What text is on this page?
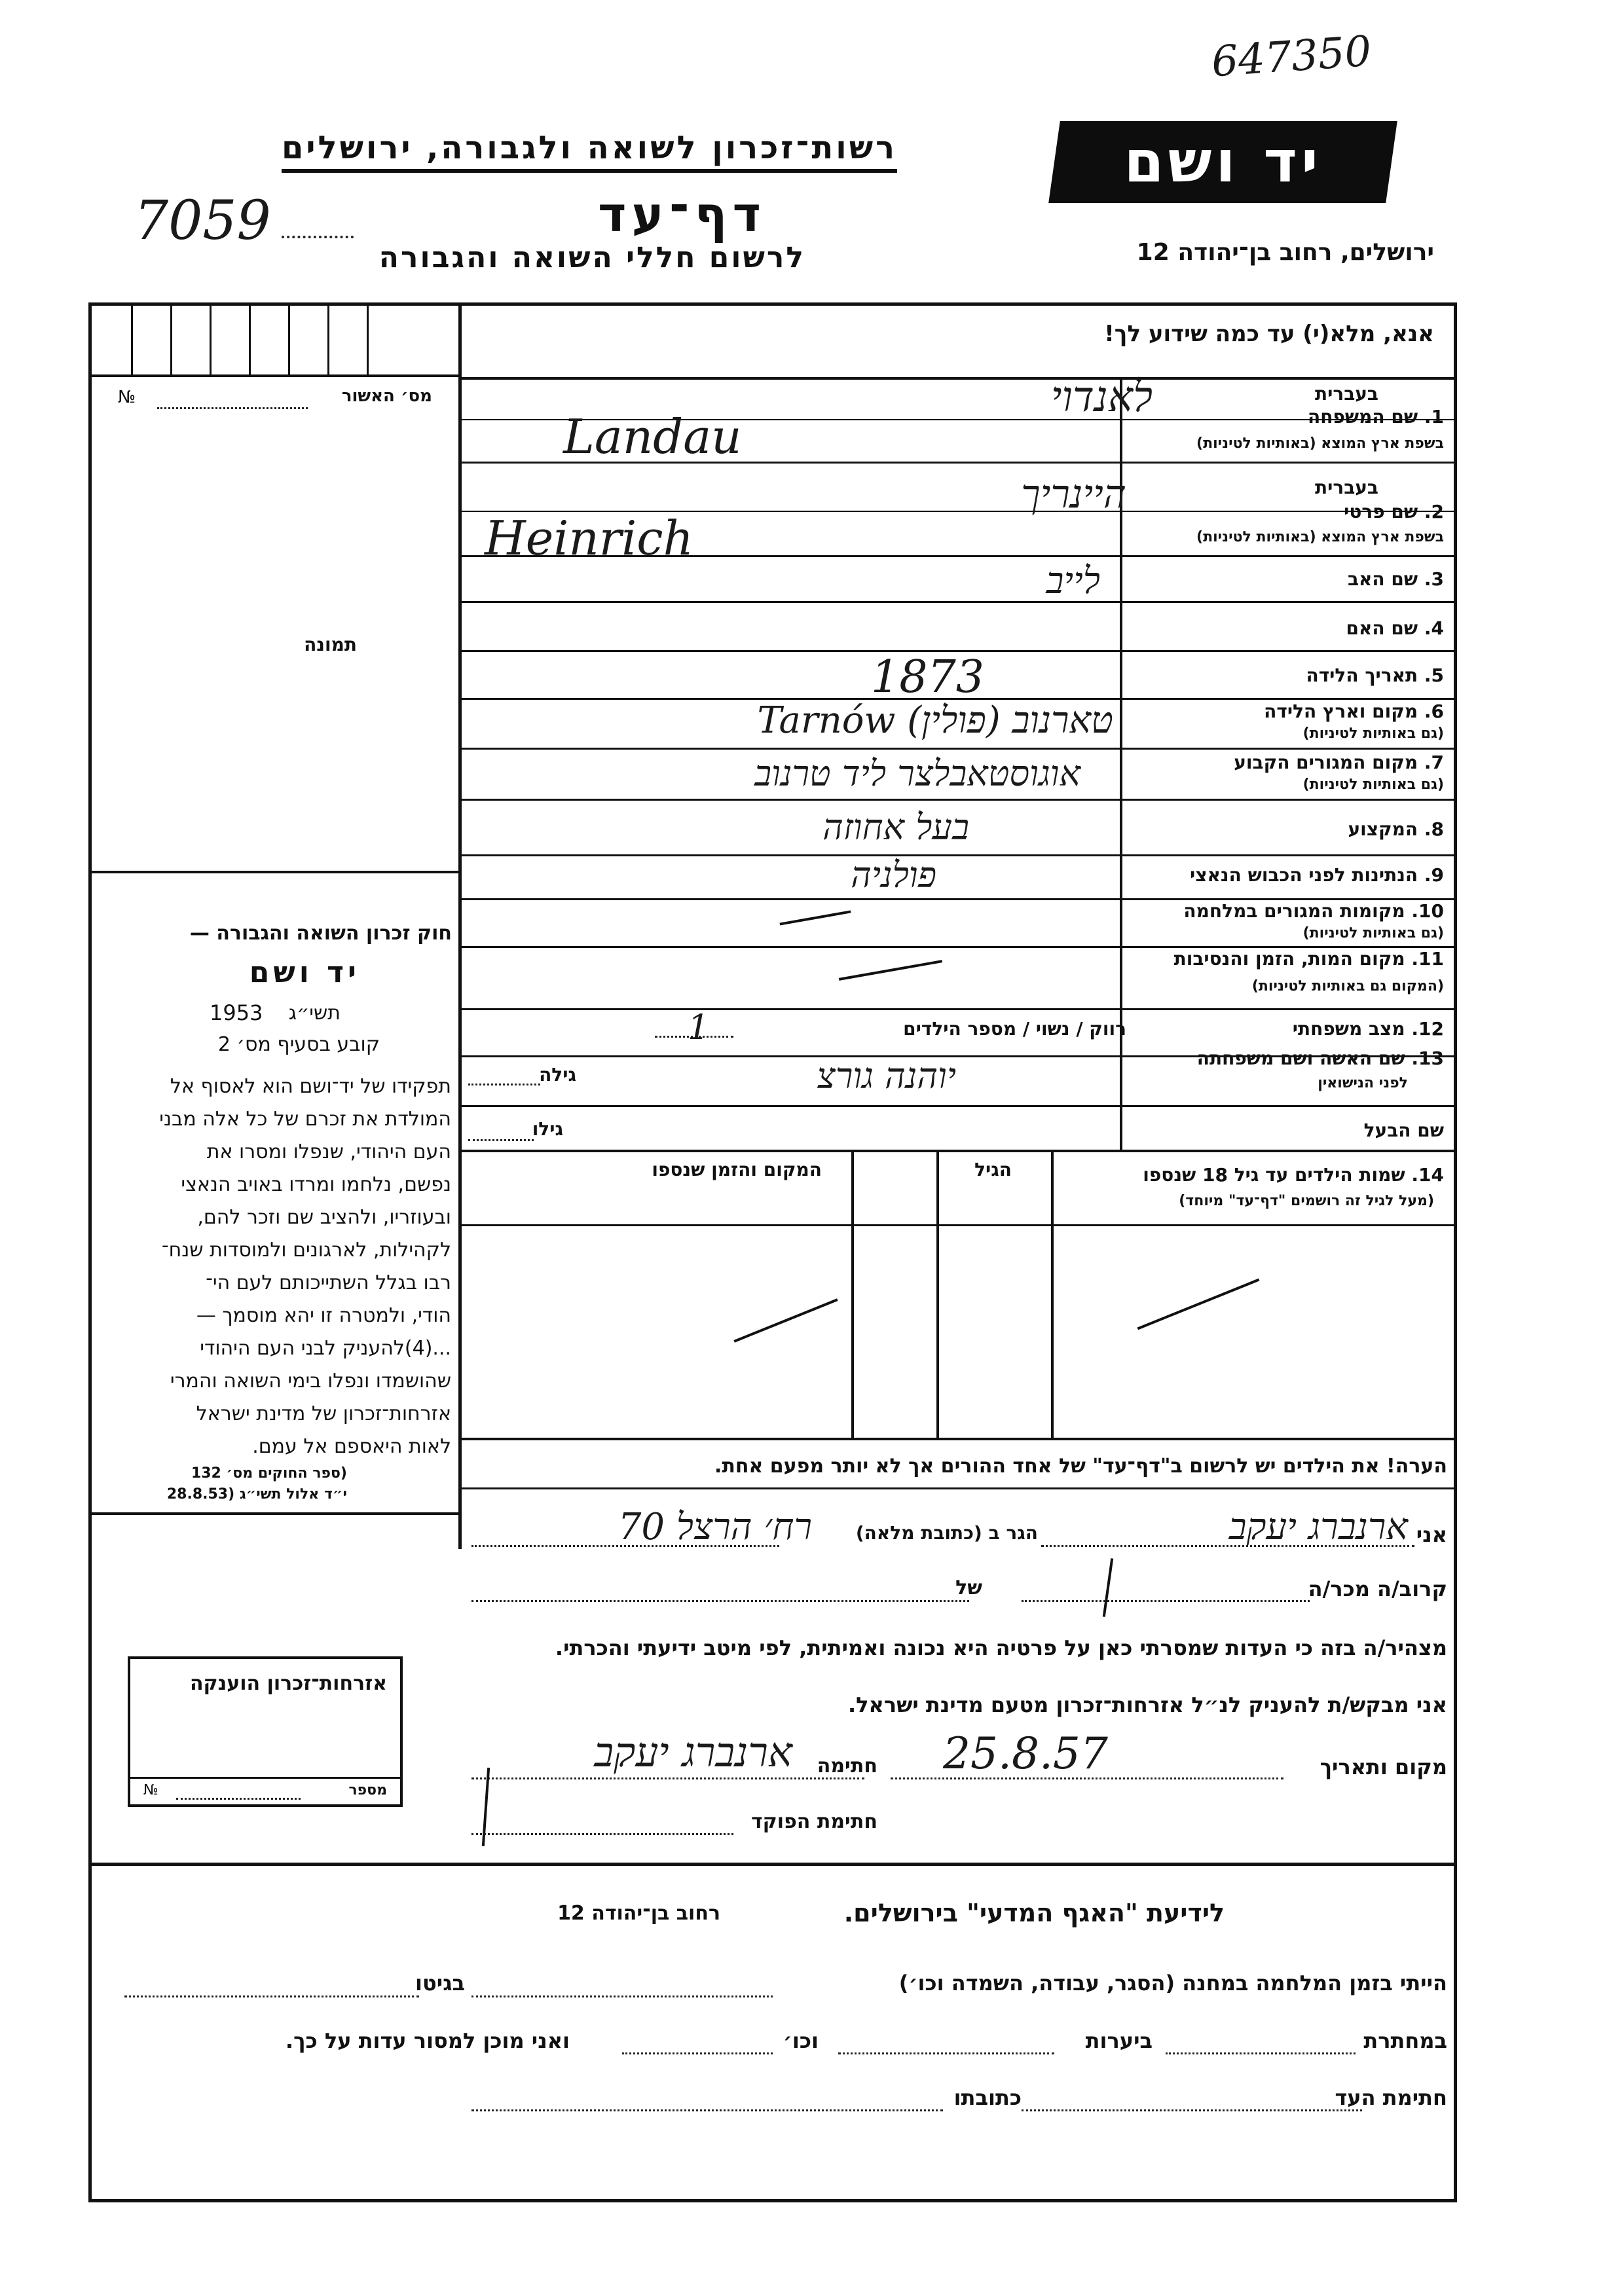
647350
רשות־זכרון לשואה ולגבורה, ירושלים
דף־עד
7059
לרשום חללי השואה והגבורה
יד ושם
ירושלים, רחוב בן־יהודה 12
אנא, מלא(י) עד כמה שידוע לך!
מס׳ האשור
№
תמונה
חוק זכרון השואה והגבורה —
יד ושם
תשי״ג
1953
קובע בסעיף מס׳ 2
תפקידו של יד־ושם הוא לאסוף אל
המולדת את זכרם של כל אלה מבני
העם היהודי, שנפלו ומסרו את
נפשם, נלחמו ומרדו באויב הנאצי
ובעוזריו, ולהציב שם וזכר להם,
לקהילות, לארגונים ולמוסדות שנח־
רבו בגלל השתייכותם לעם הי־
הודי, ולמטרה זו יהא מוסמך —
...(4)להעניק לבני העם היהודי
שהושמדו ונפלו בימי השואה והמרי
אזרחות־זכרון של מדינת ישראל
לאות היאספם אל עמם.
(ספר החוקים מס׳ 132
י״ד אלול תשי״ג (28.8.53
בעברית
1. שם המשפחה
בשפת ארץ המוצא (באותיות לטיניות)
לאנדוי
Landau
בעברית
2. שם פרטי
בשפת ארץ המוצא (באותיות לטיניות)
היינריך
Heinrich
3. שם האב
לייב
4. שם האם
5. תאריך הלידה
1873
6. מקום וארץ הלידה
(גם באותיות לטיניות)
טארנוב (פולין) Tarnów
7. מקום המגורים הקבוע
(גם באותיות לטיניות)
אוגוסטאבלצר ליד טרנוב
8. המקצוע
בעל אחוזה
9. הנתינות לפני הכבוש הנאצי
פולניה
10. מקומות המגורים במלחמה
(גם באותיות לטיניות)
11. מקום המות, הזמן והנסיבות
(המקום גם באותיות לטיניות)
12. מצב משפחתי
רווק / נשוי / מספר הילדים
1
13. שם האשה ושם משפחתה
לפני הנישואין
יוהנה גורצ
גילה
שם הבעל
גילו
14. שמות הילדים עד גיל 18 שנספו
(מעל לגיל זה רושמים "דף־עד" מיוחד)
הגיל
המקום והזמן שנספו
הערה! את הילדים יש לרשום ב"דף־עד" של אחד ההורים אך לא יותר מפעם אחת.
אני
ארנברג יעקב
הגר ב (כתובת מלאה)
רח׳ הרצל 70
קרוב/ה מכר/ה
של
מצהיר/ה בזה כי העדות שמסרתי כאן על פרטיה היא נכונה ואמיתית, לפי מיטב ידיעתי והכרתי.
אני מבקש/ת להעניק לנ״ל אזרחות־זכרון מטעם מדינת ישראל.
מקום ותאריך
25.8.57
חתימה
ארנברג יעקב
חתימת הפוקד
אזרחות־זכרון הוענקה
מספר
№
לידיעת "האגף המדעי" בירושלים.
רחוב בן־יהודה 12
הייתי בזמן המלחמה במחנה (הסגר, עבודה, השמדה וכו׳)
בגיטו
במחתרת
ביערות
וכו׳
ואני מוכן למסור עדות על כך.
חתימת העד
כתובתו
